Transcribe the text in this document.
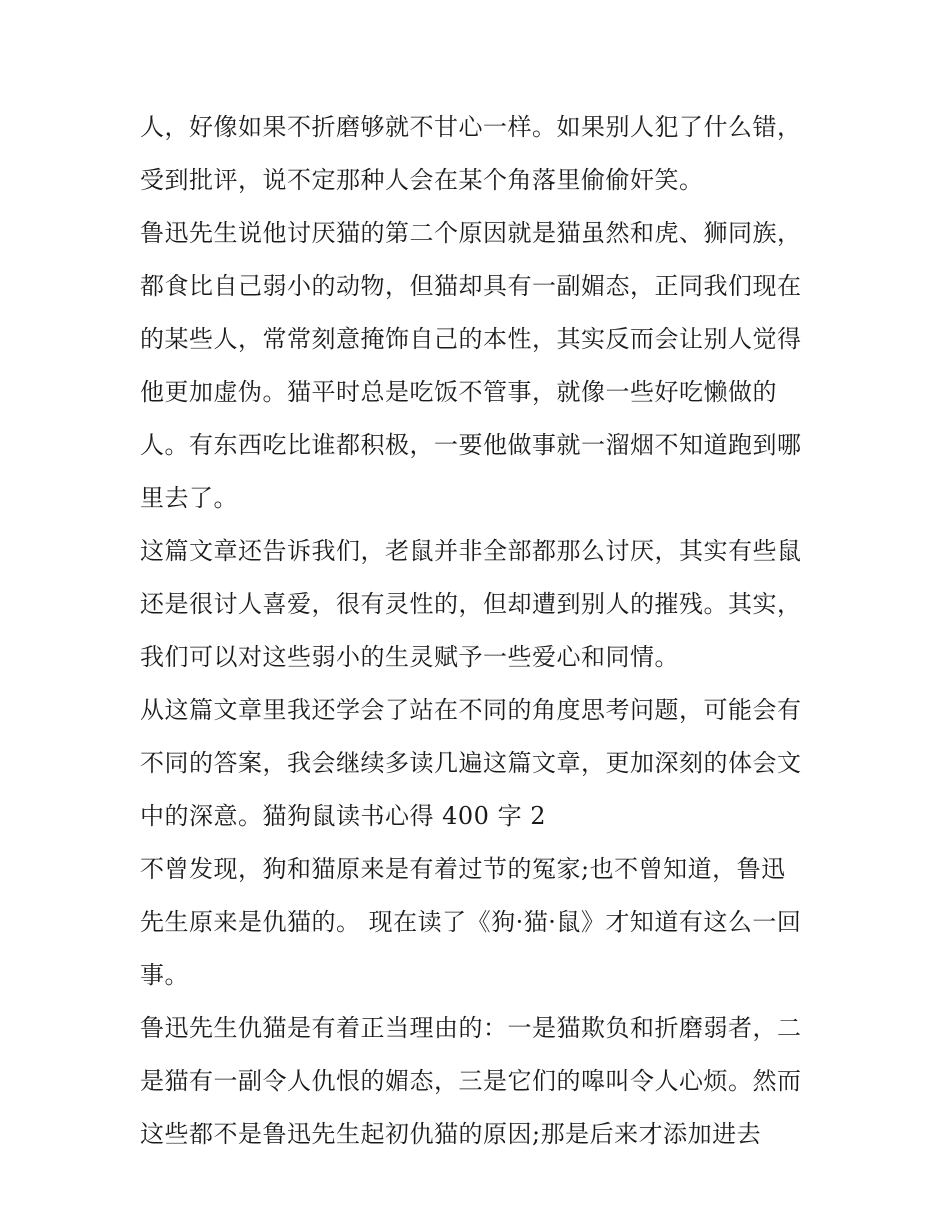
人，好像如果不折磨够就不甘心一样。如果别人犯了什么错，
受到批评，说不定那种人会在某个角落里偷偷奸笑。
鲁迅先生说他讨厌猫的第二个原因就是猫虽然和虎、狮同族，
都食比自己弱小的动物，但猫却具有一副媚态，正同我们现在
的某些人，常常刻意掩饰自己的本性，其实反而会让别人觉得
他更加虚伪。猫平时总是吃饭不管事，就像一些好吃懒做的
人。有东西吃比谁都积极，一要他做事就一溜烟不知道跑到哪
里去了。
这篇文章还告诉我们，老鼠并非全部都那么讨厌，其实有些鼠
还是很讨人喜爱，很有灵性的，但却遭到别人的摧残。其实，
我们可以对这些弱小的生灵赋予一些爱心和同情。
从这篇文章里我还学会了站在不同的角度思考问题，可能会有
不同的答案，我会继续多读几遍这篇文章，更加深刻的体会文
中的深意。猫狗鼠读书心得 400 字 2
不曾发现，狗和猫原来是有着过节的冤家;也不曾知道，鲁迅
先生原来是仇猫的。 现在读了《狗·猫·鼠》才知道有这么一回
事。
鲁迅先生仇猫是有着正当理由的：一是猫欺负和折磨弱者，二
是猫有一副令人仇恨的媚态，三是它们的嗥叫令人心烦。然而
这些都不是鲁迅先生起初仇猫的原因;那是后来才添加进去
